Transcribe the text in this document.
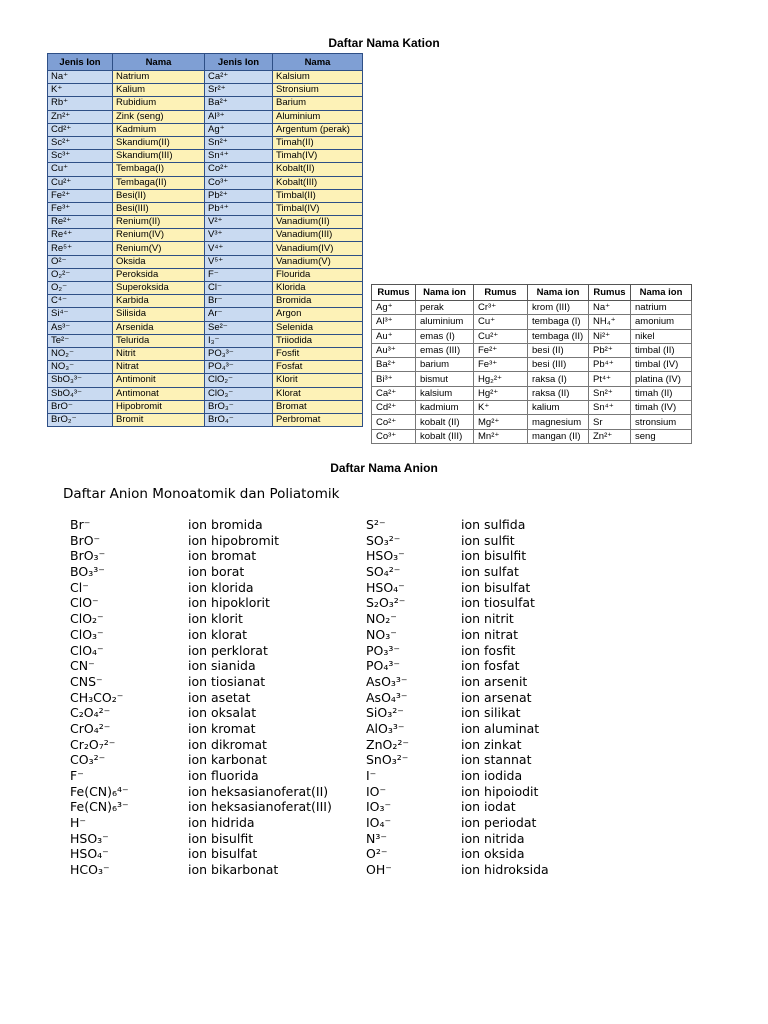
Daftar Nama Kation
Jenis Ion	Nama	Jenis Ion	Nama
Na⁺	Natrium	Ca²⁺	Kalsium
K⁺	Kalium	Sr²⁺	Stronsium
Rb⁺	Rubidium	Ba²⁺	Barium
Zn²⁺	Zink (seng)	Al³⁺	Aluminium
Cd²⁺	Kadmium	Ag⁺	Argentum (perak)
Sc²⁺	Skandium(II)	Sn²⁺	Timah(II)
Sc³⁺	Skandium(III)	Sn⁴⁺	Timah(IV)
Cu⁺	Tembaga(I)	Co²⁺	Kobalt(II)
Cu²⁺	Tembaga(II)	Co³⁺	Kobalt(III)
Fe²⁺	Besi(II)	Pb²⁺	Timbal(II)
Fe³⁺	Besi(III)	Pb⁴⁺	Timbal(IV)
Re²⁺	Renium(II)	V²⁺	Vanadium(II)
Re⁴⁺	Renium(IV)	V³⁺	Vanadium(III)
Re⁵⁺	Renium(V)	V⁴⁺	Vanadium(IV)
O²⁻	Oksida	V⁵⁺	Vanadium(V)
O₂²⁻	Peroksida	F⁻	Flourida
O₂⁻	Superoksida	Cl⁻	Klorida
C⁴⁻	Karbida	Br⁻	Bromida
Si⁴⁻	Silisida	Ar⁻	Argon
As³⁻	Arsenida	Se²⁻	Selenida
Te²⁻	Telurida	I₃⁻	Triiodida
NO₂⁻	Nitrit	PO₃³⁻	Fosfit
NO₃⁻	Nitrat	PO₄³⁻	Fosfat
SbO₃³⁻	Antimonit	ClO₂⁻	Klorit
SbO₄³⁻	Antimonat	ClO₃⁻	Klorat
BrO⁻	Hipobromit	BrO₃⁻	Bromat
BrO₂⁻	Bromit	BrO₄⁻	Perbromat
Rumus	Nama ion	Rumus	Nama ion	Rumus	Nama ion
Ag⁺	perak	Cr³⁺	krom (III)	Na⁺	natrium
Al³⁺	aluminium	Cu⁺	tembaga (I)	NH₄⁺	amonium
Au⁺	emas (I)	Cu²⁺	tembaga (II)	Ni²⁺	nikel
Au³⁺	emas (III)	Fe²⁺	besi (II)	Pb²⁺	timbal (II)
Ba²⁺	barium	Fe³⁺	besi (III)	Pb⁴⁺	timbal (IV)
Bi³⁺	bismut	Hg₂²⁺	raksa (I)	Pt⁴⁺	platina (IV)
Ca²⁺	kalsium	Hg²⁺	raksa (II)	Sn²⁺	timah (II)
Cd²⁺	kadmium	K⁺	kalium	Sn⁴⁺	timah (IV)
Co²⁺	kobalt (II)	Mg²⁺	magnesium	Sr	stronsium
Co³⁺	kobalt (III)	Mn²⁺	mangan (II)	Zn²⁺	seng
Daftar Nama Anion
Daftar Anion Monoatomik dan Poliatomik
Br⁻	ion bromida
BrO⁻	ion hipobromit
BrO₃⁻	ion bromat
BO₃³⁻	ion borat
Cl⁻	ion klorida
ClO⁻	ion hipoklorit
ClO₂⁻	ion klorit
ClO₃⁻	ion klorat
ClO₄⁻	ion perklorat
CN⁻	ion sianida
CNS⁻	ion tiosianat
CH₃CO₂⁻	ion asetat
C₂O₄²⁻	ion oksalat
CrO₄²⁻	ion kromat
Cr₂O₇²⁻	ion dikromat
CO₃²⁻	ion karbonat
F⁻	ion fluorida
Fe(CN)₆⁴⁻	ion heksasianoferat(II)
Fe(CN)₆³⁻	ion heksasianoferat(III)
H⁻	ion hidrida
HSO₃⁻	ion bisulfit
HSO₄⁻	ion bisulfat
HCO₃⁻	ion bikarbonat
S²⁻	ion sulfida
SO₃²⁻	ion sulfit
HSO₃⁻	ion bisulfit
SO₄²⁻	ion sulfat
HSO₄⁻	ion bisulfat
S₂O₃²⁻	ion tiosulfat
NO₂⁻	ion nitrit
NO₃⁻	ion nitrat
PO₃³⁻	ion fosfit
PO₄³⁻	ion fosfat
AsO₃³⁻	ion arsenit
AsO₄³⁻	ion arsenat
SiO₃²⁻	ion silikat
AlO₃³⁻	ion aluminat
ZnO₂²⁻	ion zinkat
SnO₃²⁻	ion stannat
I⁻	ion iodida
IO⁻	ion hipoiodit
IO₃⁻	ion iodat
IO₄⁻	ion periodat
N³⁻	ion nitrida
O²⁻	ion oksida
OH⁻	ion hidroksida
